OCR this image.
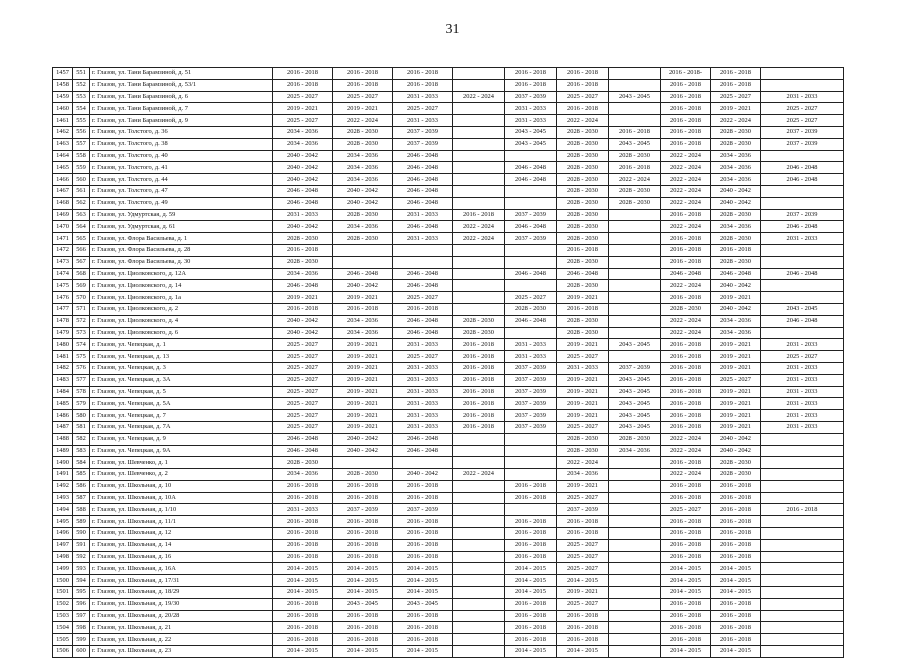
31
1457	551	г. Глазов, ул. Тани Барамзиной, д. 51	2016 - 2018	2016 - 2018	2016 - 2018		2016 - 2018	2016 - 2018		2016 - 2018-	2016 - 2018	
1458	552	г. Глазов, ул. Тани Барамзиной, д. 53/1	2016 - 2018	2016 - 2018	2016 - 2018		2016 - 2018	2016 - 2018		2016 - 2018	2016 - 2018	
1459	553	г. Глазов, ул. Тани Барамзиной, д. 6	2025 - 2027	2025 - 2027	2031 - 2033	2022 - 2024	2037 - 2039	2025 - 2027	2043 - 2045	2016 - 2018	2025 - 2027	2031 - 2033
1460	554	г. Глазов, ул. Тани Барамзиной, д. 7	2019 - 2021	2019 - 2021	2025 - 2027		2031 - 2033	2016 - 2018		2016 - 2018	2019 - 2021	2025 - 2027
1461	555	г. Глазов, ул. Тани Барамзиной, д. 9	2025 - 2027	2022 - 2024	2031 - 2033		2031 - 2033	2022 - 2024		2016 - 2018	2022 - 2024	2025 - 2027
1462	556	г. Глазов, ул. Толстого, д. 36	2034 - 2036	2028 - 2030	2037 - 2039		2043 - 2045	2028 - 2030	2016 - 2018	2016 - 2018	2028 - 2030	2037 - 2039
1463	557	г. Глазов, ул. Толстого, д. 38	2034 - 2036	2028 - 2030	2037 - 2039		2043 - 2045	2028 - 2030	2043 - 2045	2016 - 2018	2028 - 2030	2037 - 2039
1464	558	г. Глазов, ул. Толстого, д. 40	2040 - 2042	2034 - 2036	2046 - 2048			2028 - 2030	2028 - 2030	2022 - 2024	2034 - 2036	
1465	559	г. Глазов, ул. Толстого, д. 41	2040 - 2042	2034 - 2036	2046 - 2048		2046 - 2048	2028 - 2030	2016 - 2018	2022 - 2024	2034 - 2036	2046 - 2048
1466	560	г. Глазов, ул. Толстого, д. 44	2040 - 2042	2034 - 2036	2046 - 2048		2046 - 2048	2028 - 2030	2022 - 2024	2022 - 2024	2034 - 2036	2046 - 2048
1467	561	г. Глазов, ул. Толстого, д. 47	2046 - 2048	2040 - 2042	2046 - 2048			2028 - 2030	2028 - 2030	2022 - 2024	2040 - 2042	
1468	562	г. Глазов, ул. Толстого, д. 49	2046 - 2048	2040 - 2042	2046 - 2048			2028 - 2030	2028 - 2030	2022 - 2024	2040 - 2042	
1469	563	г. Глазов, ул. Удмуртская, д. 59	2031 - 2033	2028 - 2030	2031 - 2033	2016 - 2018	2037 - 2039	2028 - 2030		2016 - 2018	2028 - 2030	2037 - 2039
1470	564	г. Глазов, ул. Удмуртская, д. 61	2040 - 2042	2034 - 2036	2046 - 2048	2022 - 2024	2046 - 2048	2028 - 2030		2022 - 2024	2034 - 2036	2046 - 2048
1471	565	г. Глазов, ул. Флора Васильева, д. 1	2028 - 2030	2028 - 2030	2031 - 2033	2022 - 2024	2037 - 2039	2028 - 2030		2016 - 2018	2028 - 2030	2031 - 2033
1472	566	г. Глазов, ул. Флора Васильева, д. 28	2016 - 2018					2016 - 2018		2016 - 2018	2016 - 2018	
1473	567	г. Глазов, ул. Флора Васильева, д. 30	2028 - 2030					2028 - 2030		2016 - 2018	2028 - 2030	
1474	568	г. Глазов, ул. Циолковского, д. 12А	2034 - 2036	2046 - 2048	2046 - 2048		2046 - 2048	2046 - 2048		2046 - 2048	2046 - 2048	2046 - 2048
1475	569	г. Глазов, ул. Циолковского, д. 14	2046 - 2048	2040 - 2042	2046 - 2048			2028 - 2030		2022 - 2024	2040 - 2042	
1476	570	г. Глазов, ул. Циолковского, д. 1а	2019 - 2021	2019 - 2021	2025 - 2027		2025 - 2027	2019 - 2021		2016 - 2018	2019 - 2021	
1477	571	г. Глазов, ул. Циолковского, д. 2	2016 - 2018	2016 - 2018	2016 - 2018		2028 - 2030	2016 - 2018		2028 - 2030	2040 - 2042	2043 - 2045
1478	572	г. Глазов, ул. Циолковского, д. 4	2040 - 2042	2034 - 2036	2046 - 2048	2028 - 2030	2046 - 2048	2028 - 2030		2022 - 2024	2034 - 2036	2046 - 2048
1479	573	г. Глазов, ул. Циолковского, д. 6	2040 - 2042	2034 - 2036	2046 - 2048	2028 - 2030		2028 - 2030		2022 - 2024	2034 - 2036	
1480	574	г. Глазов, ул. Чепецкая, д. 1	2025 - 2027	2019 - 2021	2031 - 2033	2016 - 2018	2031 - 2033	2019 - 2021	2043 - 2045	2016 - 2018	2019 - 2021	2031 - 2033
1481	575	г. Глазов, ул. Чепецкая, д. 13	2025 - 2027	2019 - 2021	2025 - 2027	2016 - 2018	2031 - 2033	2025 - 2027		2016 - 2018	2019 - 2021	2025 - 2027
1482	576	г. Глазов, ул. Чепецкая, д. 3	2025 - 2027	2019 - 2021	2031 - 2033	2016 - 2018	2037 - 2039	2031 - 2033	2037 - 2039	2016 - 2018	2019 - 2021	2031 - 2033
1483	577	г. Глазов, ул. Чепецкая, д. 3А	2025 - 2027	2019 - 2021	2031 - 2033	2016 - 2018	2037 - 2039	2019 - 2021	2043 - 2045	2016 - 2018	2025 - 2027	2031 - 2033
1484	578	г. Глазов, ул. Чепецкая, д. 5	2025 - 2027	2019 - 2021	2031 - 2033	2016 - 2018	2037 - 2039	2019 - 2021	2043 - 2045	2016 - 2018	2019 - 2021	2031 - 2033
1485	579	г. Глазов, ул. Чепецкая, д. 5А	2025 - 2027	2019 - 2021	2031 - 2033	2016 - 2018	2037 - 2039	2019 - 2021	2043 - 2045	2016 - 2018	2019 - 2021	2031 - 2033
1486	580	г. Глазов, ул. Чепецкая, д. 7	2025 - 2027	2019 - 2021	2031 - 2033	2016 - 2018	2037 - 2039	2019 - 2021	2043 - 2045	2016 - 2018	2019 - 2021	2031 - 2033
1487	581	г. Глазов, ул. Чепецкая, д. 7А	2025 - 2027	2019 - 2021	2031 - 2033	2016 - 2018	2037 - 2039	2025 - 2027	2043 - 2045	2016 - 2018	2019 - 2021	2031 - 2033
1488	582	г. Глазов, ул. Чепецкая, д. 9	2046 - 2048	2040 - 2042	2046 - 2048			2028 - 2030	2028 - 2030	2022 - 2024	2040 - 2042	
1489	583	г. Глазов, ул. Чепецкая, д. 9А	2046 - 2048	2040 - 2042	2046 - 2048			2028 - 2030	2034 - 2036	2022 - 2024	2040 - 2042	
1490	584	г. Глазов, ул. Шевченко, д. 1	2028 - 2030					2022 - 2024		2016 - 2018	2028 - 2030	
1491	585	г. Глазов, ул. Шевченко, д. 2	2034 - 2036	2028 - 2030	2040 - 2042	2022 - 2024		2034 - 2036		2022 - 2024	2028 - 2030	
1492	586	г. Глазов, ул. Школьная, д. 10	2016 - 2018	2016 - 2018	2016 - 2018		2016 - 2018	2019 - 2021		2016 - 2018	2016 - 2018	
1493	587	г. Глазов, ул. Школьная, д. 10А	2016 - 2018	2016 - 2018	2016 - 2018		2016 - 2018	2025 - 2027		2016 - 2018	2016 - 2018	
1494	588	г. Глазов, ул. Школьная, д. 1/10	2031 - 2033	2037 - 2039	2037 - 2039			2037 - 2039		2025 - 2027	2016 - 2018	2016 - 2018
1495	589	г. Глазов, ул. Школьная, д. 11/1	2016 - 2018	2016 - 2018	2016 - 2018		2016 - 2018	2016 - 2018		2016 - 2018	2016 - 2018	
1496	590	г. Глазов, ул. Школьная, д. 12	2016 - 2018	2016 - 2018	2016 - 2018		2016 - 2018	2016 - 2018		2016 - 2018	2016 - 2018	
1497	591	г. Глазов, ул. Школьная, д. 14	2016 - 2018	2016 - 2018	2016 - 2018		2016 - 2018	2025 - 2027		2016 - 2018	2016 - 2018	
1498	592	г. Глазов, ул. Школьная, д. 16	2016 - 2018	2016 - 2018	2016 - 2018		2016 - 2018	2025 - 2027		2016 - 2018	2016 - 2018	
1499	593	г. Глазов, ул. Школьная, д. 16А	2014 - 2015	2014 - 2015	2014 - 2015		2014 - 2015	2025 - 2027		2014 - 2015	2014 - 2015	
1500	594	г. Глазов, ул. Школьная, д. 17/31	2014 - 2015	2014 - 2015	2014 - 2015		2014 - 2015	2014 - 2015		2014 - 2015	2014 - 2015	
1501	595	г. Глазов, ул. Школьная, д. 18/29	2014 - 2015	2014 - 2015	2014 - 2015		2014 - 2015	2019 - 2021		2014 - 2015	2014 - 2015	
1502	596	г. Глазов, ул. Школьная, д. 19/30	2016 - 2018	2043 - 2045	2043 - 2045		2016 - 2018	2025 - 2027		2016 - 2018	2016 - 2018	
1503	597	г. Глазов, ул. Школьная, д. 20/28	2016 - 2018	2016 - 2018	2016 - 2018		2016 - 2018	2016 - 2018		2016 - 2018	2016 - 2018	
1504	598	г. Глазов, ул. Школьная, д. 21	2016 - 2018	2016 - 2018	2016 - 2018		2016 - 2018	2016 - 2018		2016 - 2018	2016 - 2018	
1505	599	г. Глазов, ул. Школьная, д. 22	2016 - 2018	2016 - 2018	2016 - 2018		2016 - 2018	2016 - 2018		2016 - 2018	2016 - 2018	
1506	600	г. Глазов, ул. Школьная, д. 23	2014 - 2015	2014 - 2015	2014 - 2015		2014 - 2015	2014 - 2015		2014 - 2015	2014 - 2015	
